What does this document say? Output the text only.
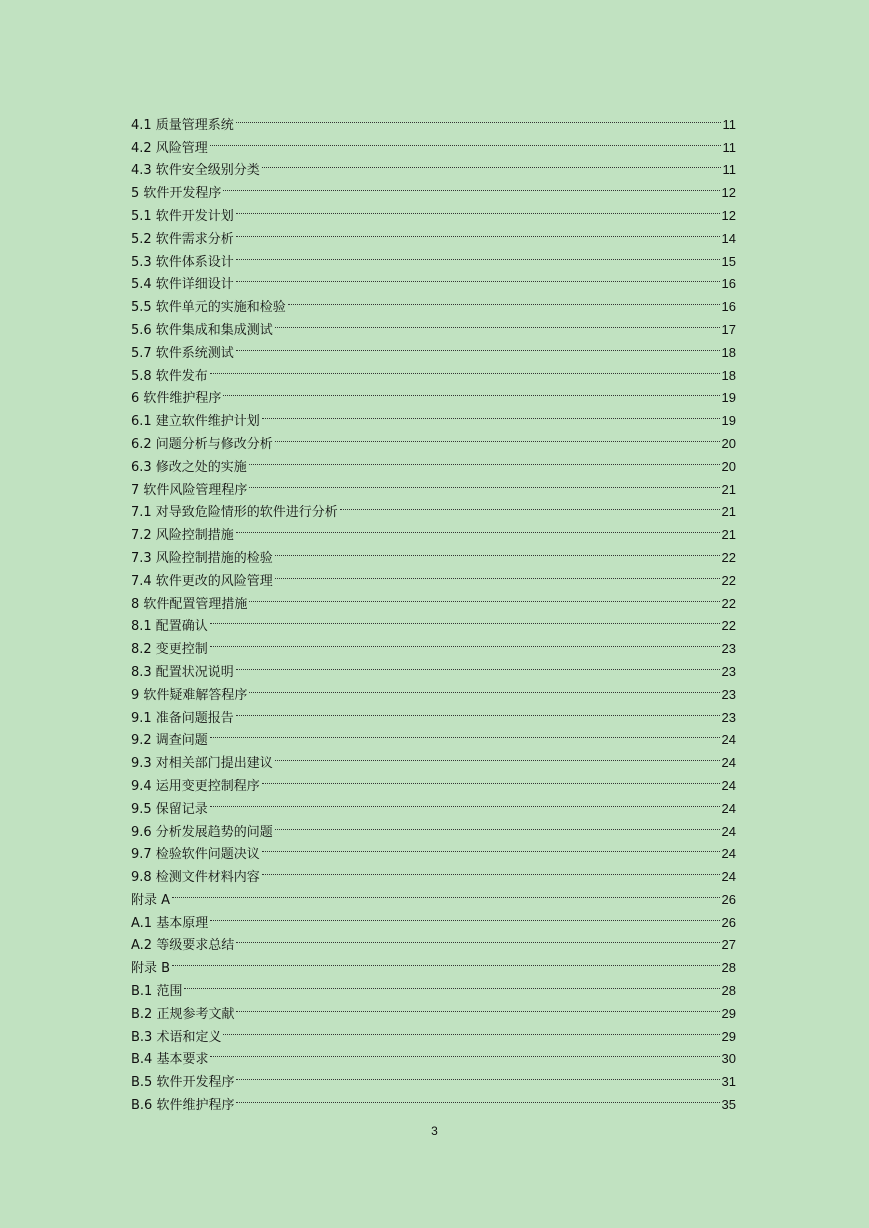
4.1 质量管理系统	11
4.2 风险管理	11
4.3 软件安全级别分类	11
5 软件开发程序	12
5.1 软件开发计划	12
5.2 软件需求分析	14
5.3 软件体系设计	15
5.4 软件详细设计	16
5.5 软件单元的实施和检验	16
5.6 软件集成和集成测试	17
5.7 软件系统测试	18
5.8 软件发布	18
6 软件维护程序	19
6.1 建立软件维护计划	19
6.2 问题分析与修改分析	20
6.3 修改之处的实施	20
7 软件风险管理程序	21
7.1 对导致危险情形的软件进行分析	21
7.2 风险控制措施	21
7.3 风险控制措施的检验	22
7.4 软件更改的风险管理	22
8 软件配置管理措施	22
8.1 配置确认	22
8.2 变更控制	23
8.3 配置状况说明	23
9 软件疑难解答程序	23
9.1 准备问题报告	23
9.2 调查问题	24
9.3 对相关部门提出建议	24
9.4 运用变更控制程序	24
9.5 保留记录	24
9.6 分析发展趋势的问题	24
9.7 检验软件问题决议	24
9.8 检测文件材料内容	24
附录 A	26
A.1 基本原理	26
A.2 等级要求总结	27
附录 B	28
B.1 范围	28
B.2 正规参考文献	29
B.3 术语和定义	29
B.4 基本要求	30
B.5 软件开发程序	31
B.6 软件维护程序	35
3
